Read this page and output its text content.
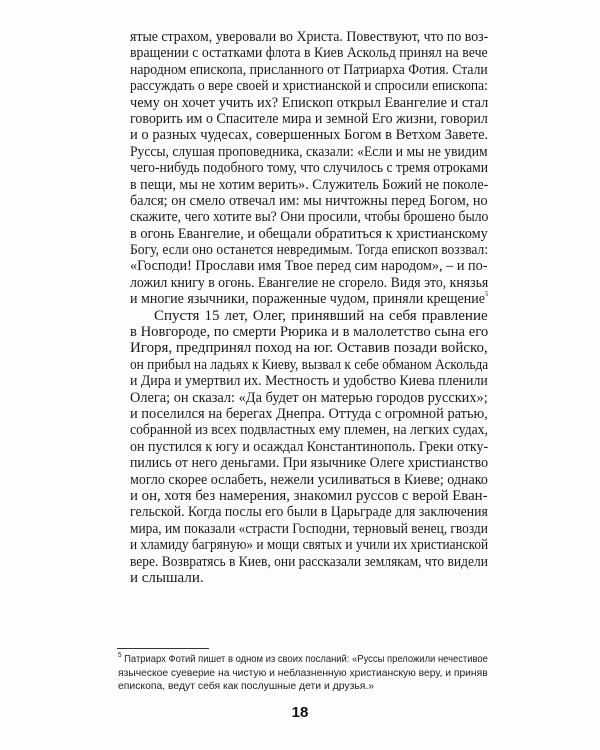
ятые страхом, уверовали во Христа. Повествуют, что по воз-
вращении с остатками флота в Киев Аскольд принял на вече
народном епископа, присланного от Патриарха Фотия. Стали
рассуждать о вере своей и христианской и спросили епископа:
чему он хочет учить их? Епископ открыл Евангелие и стал
говорить им о Спасителе мира и земной Его жизни, говорил
и о разных чудесах, совершенных Богом в Ветхом Завете.
Руссы, слушая проповедника, сказали: «Если и мы не увидим
чего-нибудь подобного тому, что случилось с тремя отроками
в пещи, мы не хотим верить». Служитель Божий не поколе-
бался; он смело отвечал им: мы ничтожны перед Богом, но
скажите, чего хотите вы? Они просили, чтобы брошено было
в огонь Евангелие, и обещали обратиться к христианскому
Богу, если оно останется невредимым. Тогда епископ воззвал:
«Господи! Прослави имя Твое перед сим народом», – и по-
ложил книгу в огонь. Евангелие не сгорело. Видя это, князья
и многие язычники, пораженные чудом, приняли крещение$^5$
Спустя 15 лет, Олег, принявший на себя правление
в Новгороде, по смерти Рюрика и в малолетство сына его
Игоря, предпринял поход на юг. Оставив позади войско,
он прибыл на ладьях к Киеву, вызвал к себе обманом Аскольда
и Дира и умертвил их. Местность и удобство Киева пленили
Олега; он сказал: «Да будет он матерью городов русских»;
и поселился на берегах Днепра. Оттуда с огромной ратью,
собранной из всех подвластных ему племен, на легких судах,
он пустился к югу и осаждал Константинополь. Греки отку-
пились от него деньгами. При язычнике Олеге христианство
могло скорее ослабеть, нежели усиливаться в Киеве; однако
и он, хотя без намерения, знакомил руссов с верой Еван-
гельской. Когда послы его были в Царьграде для заключения
мира, им показали «страсти Господни, терновый венец, гвозди
и хламиду багряную» и мощи святых и учили их христианской
вере. Возвратясь в Киев, они рассказали землякам, что видели
и слышали.
$^5$ Патриарх Фотий пишет в одном из своих посланий: «Руссы преложили нечестивое
языческое суеверие на чистую и неблазненную христианскую веру, и приняв
епископа, ведут себя как послушные дети и друзья.»
18
